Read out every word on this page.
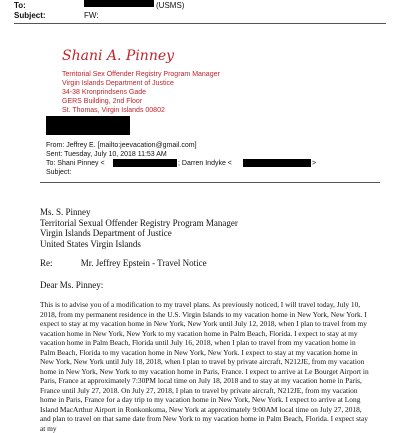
To:	(USMS)
Subject:	FW:
Shani A. Pinney
Territorial Sex Offender Registry Program Manager
Virgin Islands Department of Justice
34-38 Kronprindsens Gade
GERS Building, 2nd Floor
St. Thomas, Virgin Islands 00802
From: Jeffrey E. [mailto:jeevacation@gmail.com]
Sent: Tuesday, July 10, 2018 11:53 AM
To: Shani Pinney <	; Darren Indyke <	>
Subject:
Ms. S. Pinney
Territorial Sexual Offender Registry Program Manager
Virgin Islands Department of Justice
United States Virgin Islands
Re:	Mr. Jeffrey Epstein - Travel Notice
Dear Ms. Pinney:
This is to advise you of a modification to my travel plans. As previously noticed, I will travel today, July 10, 2018, from my permanent residence in the U.S. Virgin Islands to my vacation home in New York, New York. I expect to stay at my vacation home in New York, New York until July 12, 2018, when I plan to travel from my vacation home in New York, New York to my vacation home in Palm Beach, Florida. I expect to stay at my vacation home in Palm Beach, Florida until July 16, 2018, when I plan to travel from my vacation home in Palm Beach, Florida to my vacation home in New York, New York. I expect to stay at my vacation home in New York, New York until July 18, 2018, when I plan to travel by private aircraft, N212JE, from my vacation home in New York, New York to my vacation home in Paris, France. I expect to arrive at Le Bourget Airport in Paris, France at approximately 7:30PM local time on July 18, 2018 and to stay at my vacation home in Paris, France until July 27, 2018. On July 27, 2018, I plan to travel by private aircraft, N212JE, from my vacation home in Paris, France for a day trip to my vacation home in New York, New York. I expect to arrive at Long Island MacArthur Airport in Ronkonkoma, New York at approximately 9:00AM local time on July 27, 2018, and plan to travel on that same date from New York to my vacation home in Palm Beach, Florida. I expect stay at my
